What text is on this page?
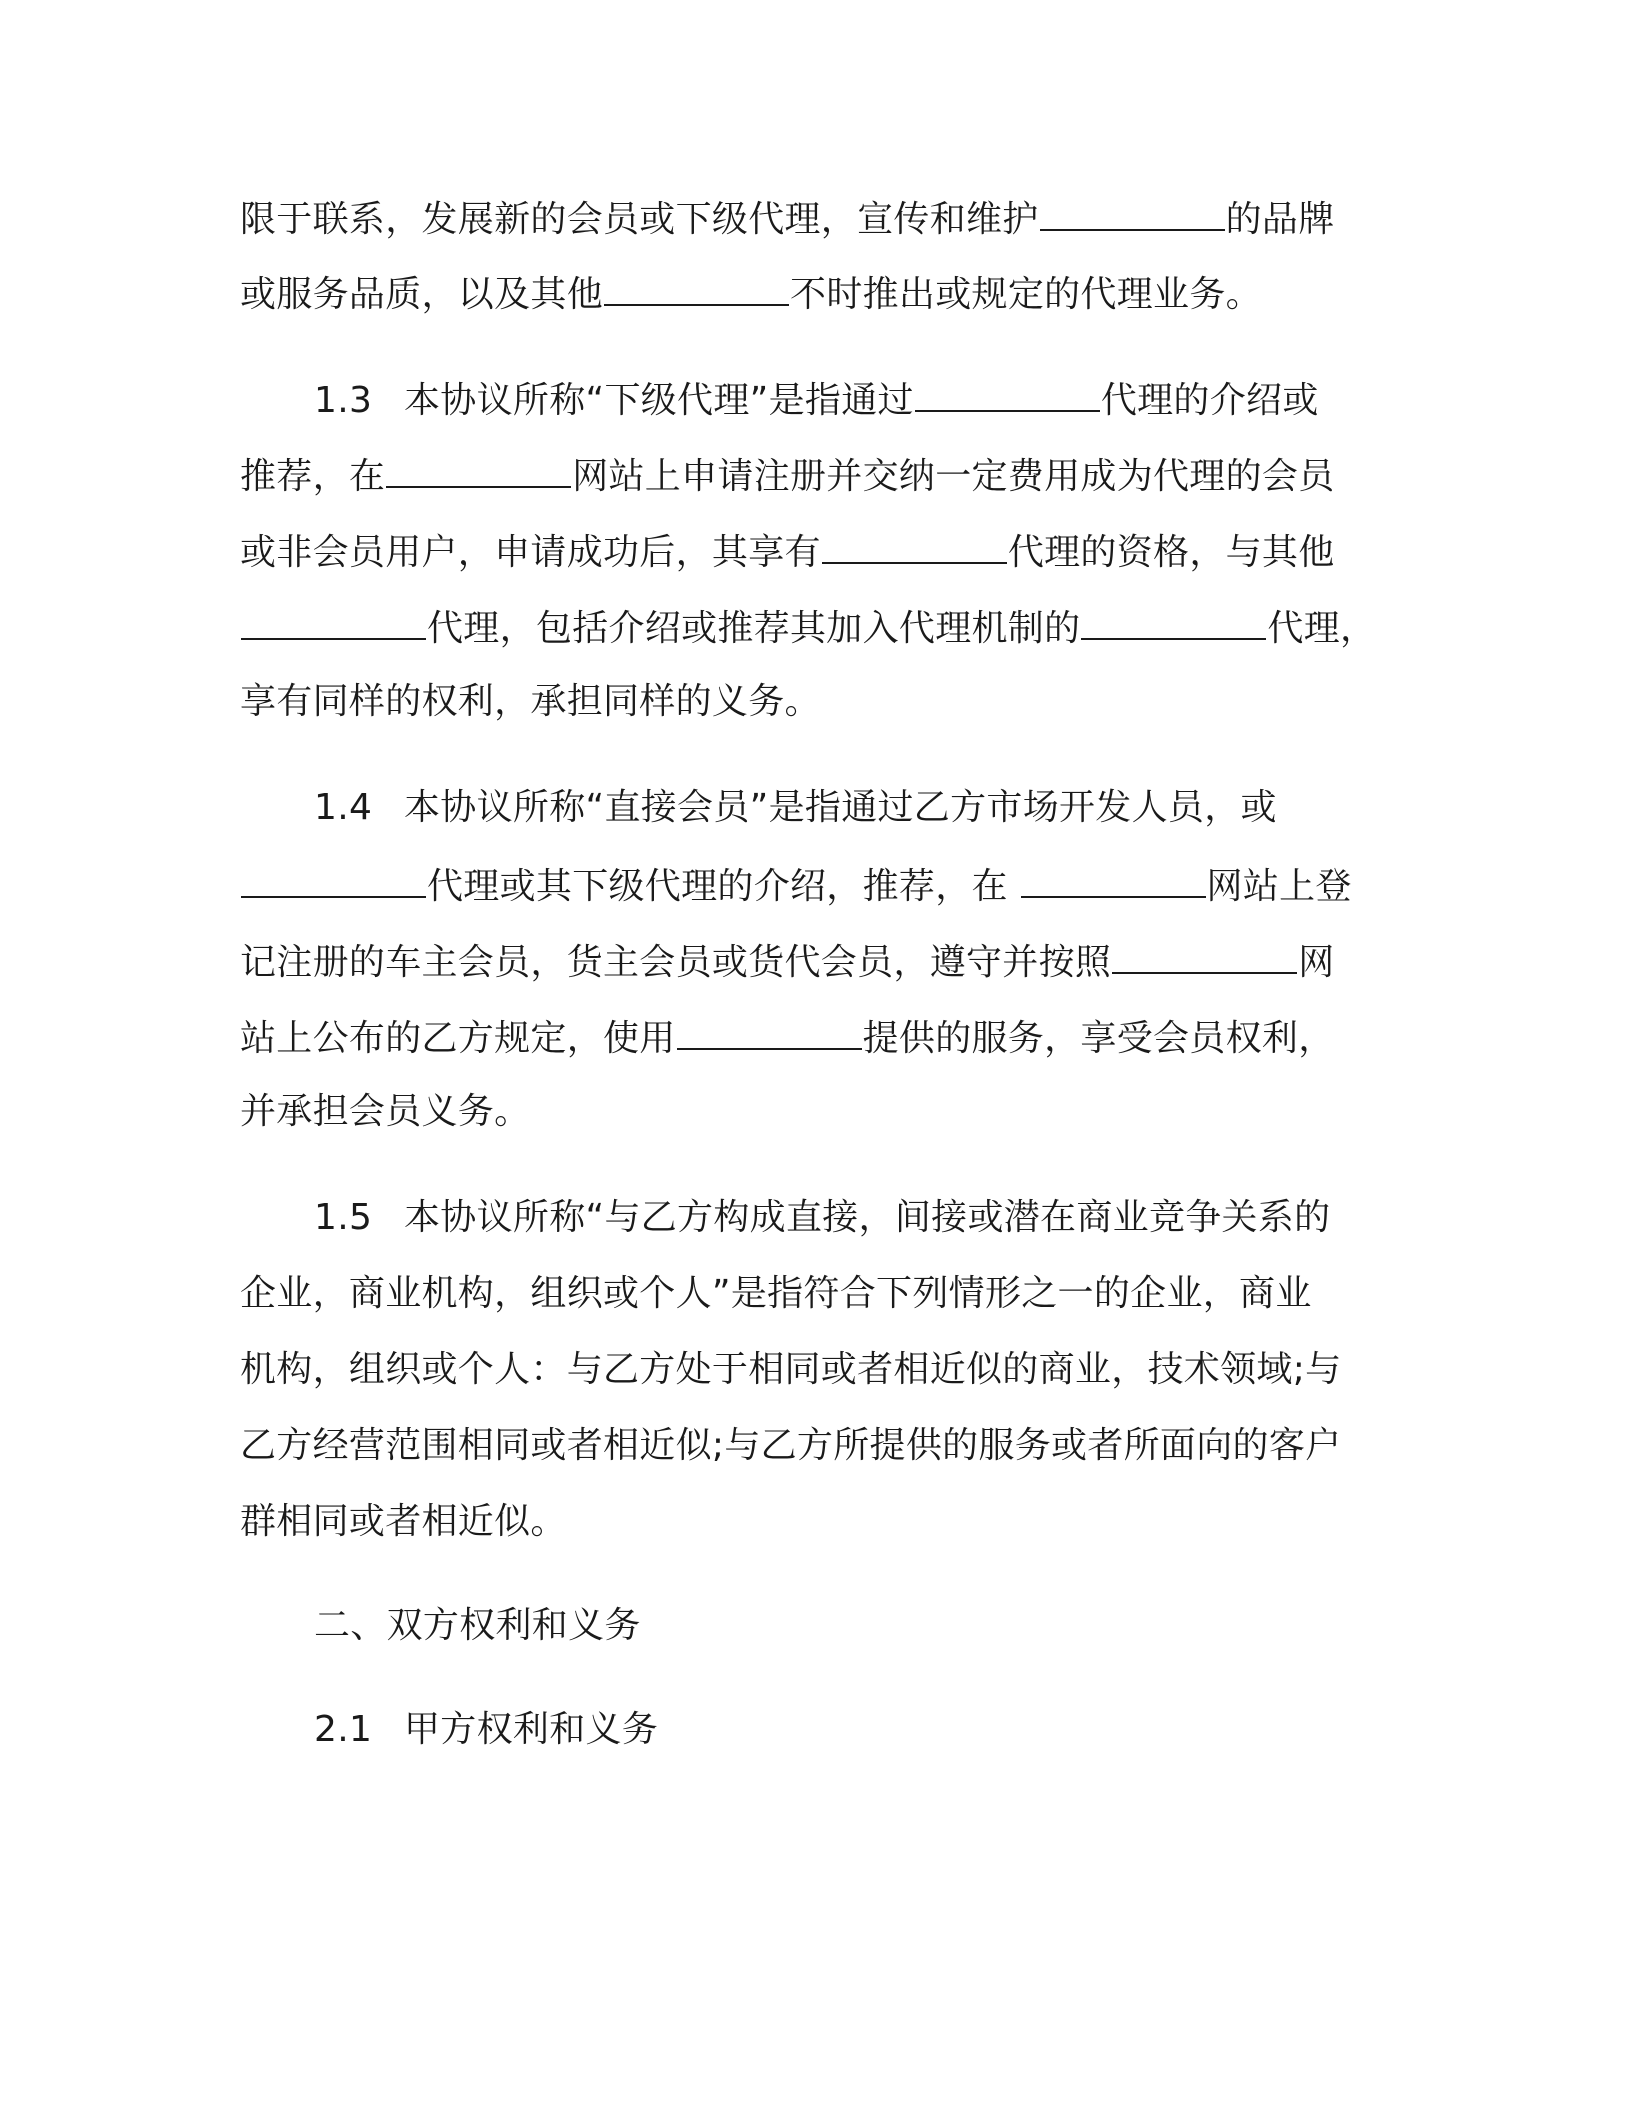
限于联系，发展新的会员或下级代理，宣传和维护	的品牌
或服务品质，以及其他	不时推出或规定的代理业务。
1.3 本协议所称“下级代理”是指通过	代理的介绍或
推荐，在	网站上申请注册并交纳一定费用成为代理的会员
或非会员用户，申请成功后，其享有	代理的资格，与其他
代理，包括介绍或推荐其加入代理机制的	代理，
享有同样的权利，承担同样的义务。
1.4 本协议所称“直接会员”是指通过乙方市场开发人员，或
代理或其下级代理的介绍，推荐，在	网站上登
记注册的车主会员，货主会员或货代会员，遵守并按照	网
站上公布的乙方规定，使用	提供的服务，享受会员权利，
并承担会员义务。
1.5 本协议所称“与乙方构成直接，间接或潜在商业竞争关系的
企业，商业机构，组织或个人”是指符合下列情形之一的企业，商业
机构，组织或个人：与乙方处于相同或者相近似的商业，技术领域;与
乙方经营范围相同或者相近似;与乙方所提供的服务或者所面向的客户
群相同或者相近似。
二、双方权利和义务
2.1 甲方权利和义务
